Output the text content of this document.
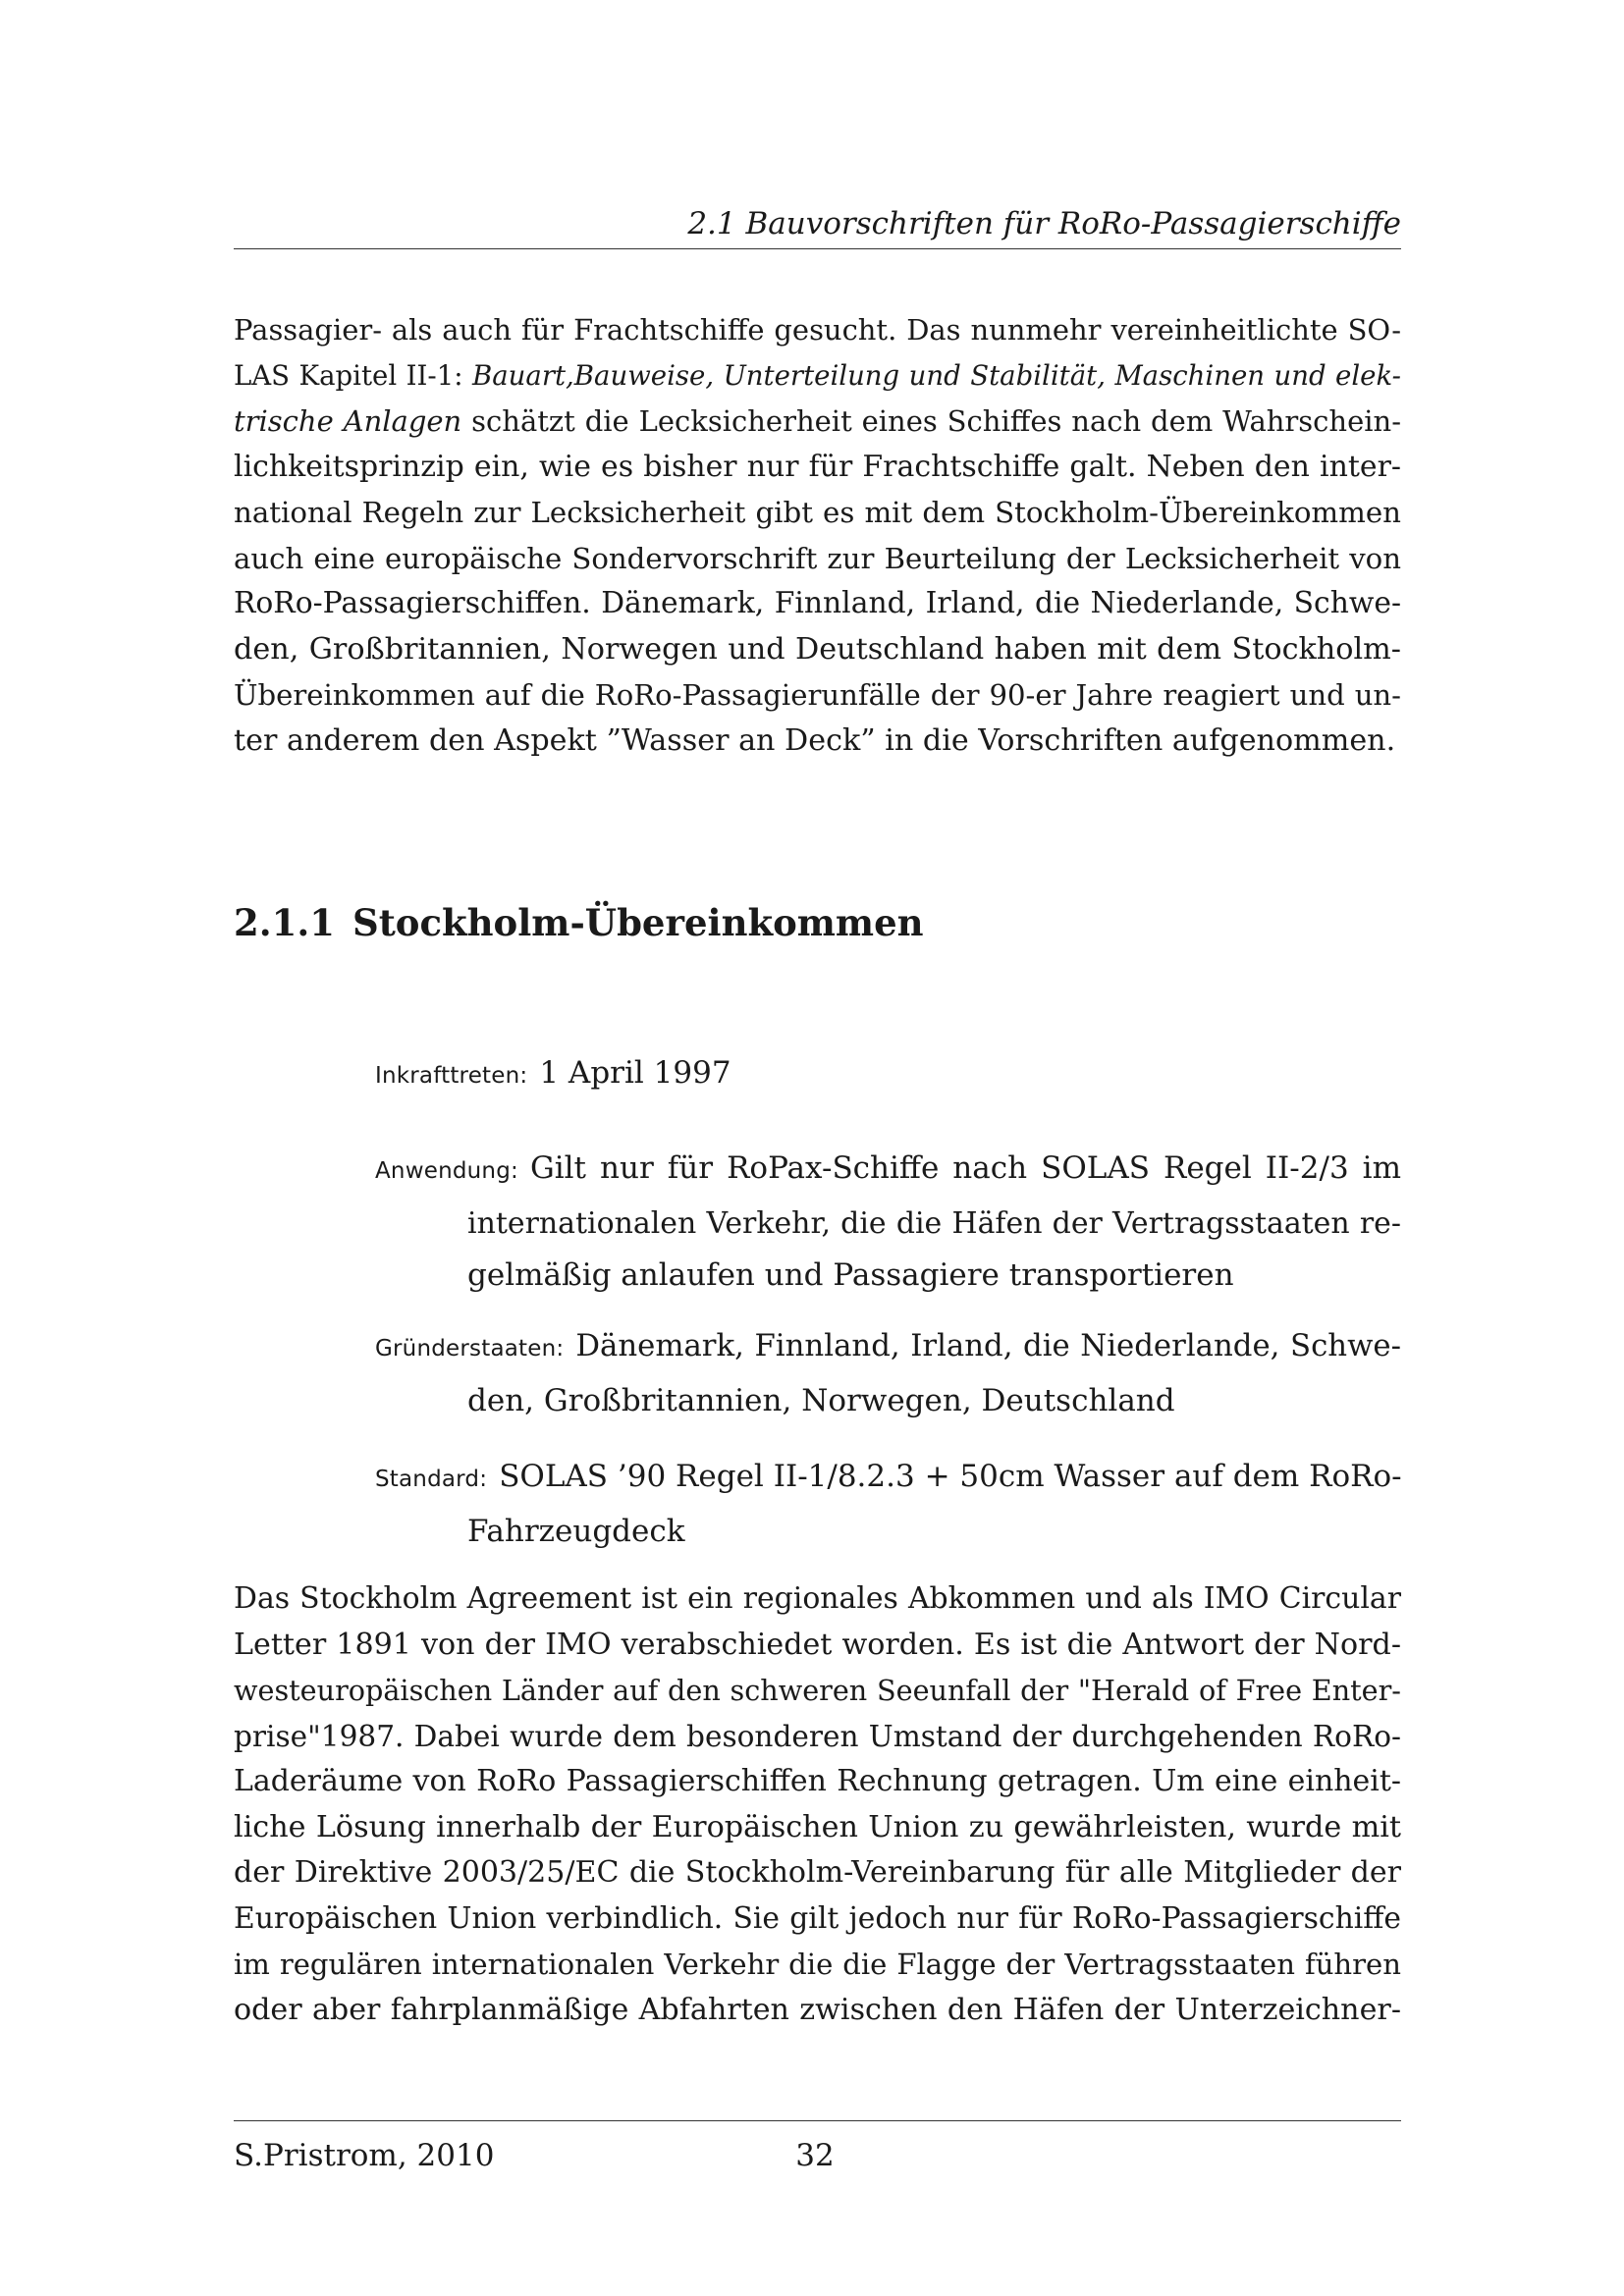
2.1 Bauvorschriften für RoRo-Passagierschiffe
Passagier- als auch für Frachtschiffe gesucht. Das nunmehr vereinheitlichte SO-
LAS Kapitel II-1: Bauart,Bauweise, Unterteilung und Stabilität, Maschinen und elek-
trische Anlagen schätzt die Lecksicherheit eines Schiffes nach dem Wahrschein-
lichkeitsprinzip ein, wie es bisher nur für Frachtschiffe galt. Neben den inter-
national Regeln zur Lecksicherheit gibt es mit dem Stockholm-Übereinkommen
auch eine europäische Sondervorschrift zur Beurteilung der Lecksicherheit von
RoRo-Passagierschiffen. Dänemark, Finnland, Irland, die Niederlande, Schwe-
den, Großbritannien, Norwegen und Deutschland haben mit dem Stockholm-
Übereinkommen auf die RoRo-Passagierunfälle der 90-er Jahre reagiert und un-
ter anderem den Aspekt ”Wasser an Deck” in die Vorschriften aufgenommen.
2.1.1 Stockholm-Übereinkommen
Inkrafttreten: 1 April 1997
Anwendung: Gilt nur für RoPax-Schiffe nach SOLAS Regel II-2/3 im
internationalen Verkehr, die die Häfen der Vertragsstaaten re-
gelmäßig anlaufen und Passagiere transportieren
Gründerstaaten: Dänemark, Finnland, Irland, die Niederlande, Schwe-
den, Großbritannien, Norwegen, Deutschland
Standard: SOLAS ’90 Regel II-1/8.2.3 + 50cm Wasser auf dem RoRo-
Fahrzeugdeck
Das Stockholm Agreement ist ein regionales Abkommen und als IMO Circular
Letter 1891 von der IMO verabschiedet worden. Es ist die Antwort der Nord-
westeuropäischen Länder auf den schweren Seeunfall der "Herald of Free Enter-
prise"1987. Dabei wurde dem besonderen Umstand der durchgehenden RoRo-
Laderäume von RoRo Passagierschiffen Rechnung getragen. Um eine einheit-
liche Lösung innerhalb der Europäischen Union zu gewährleisten, wurde mit
der Direktive 2003/25/EC die Stockholm-Vereinbarung für alle Mitglieder der
Europäischen Union verbindlich. Sie gilt jedoch nur für RoRo-Passagierschiffe
im regulären internationalen Verkehr die die Flagge der Vertragsstaaten führen
oder aber fahrplanmäßige Abfahrten zwischen den Häfen der Unterzeichner-
S.Pristrom, 2010	32
